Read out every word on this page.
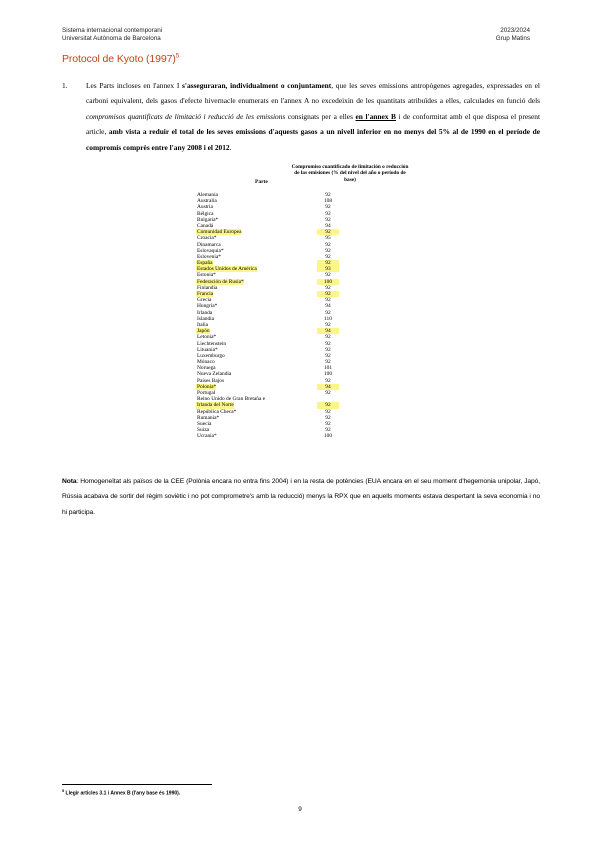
Sistema internacional contemporani
Universitat Autònoma de Barcelona
2023/2024
Grup Matins
Protocol de Kyoto $(1997)^5$
1. Les Parts incloses en l'annex I s'asseguraran, individualment o conjuntament, que les seves emissions antropògenes agregades, expressades en el carboni equivalent, dels gasos d'efecte hivernacle enumerats en l'annex A no excedeixin de les quantitats atribuïdes a elles, calculades en funció dels compromisos quantificats de limitació i reducció de les emissions consignats per a elles en l'annex B i de conformitat amb el que disposa el present article, amb vista a reduir el total de les seves emissions d'aquests gasos a un nivell inferior en no menys del 5% al de 1990 en el període de compromís comprès entre l'any 2008 i el 2012.
Parte
Compromiso cuantificado de limitación o reducción de las emisiones (% del nivel del año o período de base)
Alemania	92
Australia	108
Austria	92
Bélgica	92
Bulgaria*	92
Canadá	94
Comunidad Europea	92
Croacia*	95
Dinamarca	92
Eslovaquia*	92
Eslovenia*	92
España	92
Estados Unidos de América	93
Estonia*	92
Federación de Rusia*	100
Finlandia	92
Francia	92
Grecia	92
Hungría*	94
Irlanda	92
Islandia	110
Italia	92
Japón	94
Letonia*	92
Liechtenstein	92
Lituania*	92
Luxemburgo	92
Mónaco	92
Noruega	101
Nueva Zelandia	100
Países Bajos	92
Polonia*	94
Portugal	92
Reino Unido de Gran Bretaña e
Irlanda del Norte	92
República Checa*	92
Rumania*	92
Suecia	92
Suiza	92
Ucrania*	100
Nota: Homogeneïtat als països de la CEE (Polònia encara no entra fins 2004) i en la resta de potències (EUA encara en el seu moment d'hegemonia unipolar, Japó, Rússia acabava de sortir del règim soviètic i no pot comprometre's amb la reducció) menys la RPX que en aquells moments estava despertant la seva economia i no hi participa.
$^5$ Llegir articles 3.1 i Annex B (l'any base és 1990).
9
